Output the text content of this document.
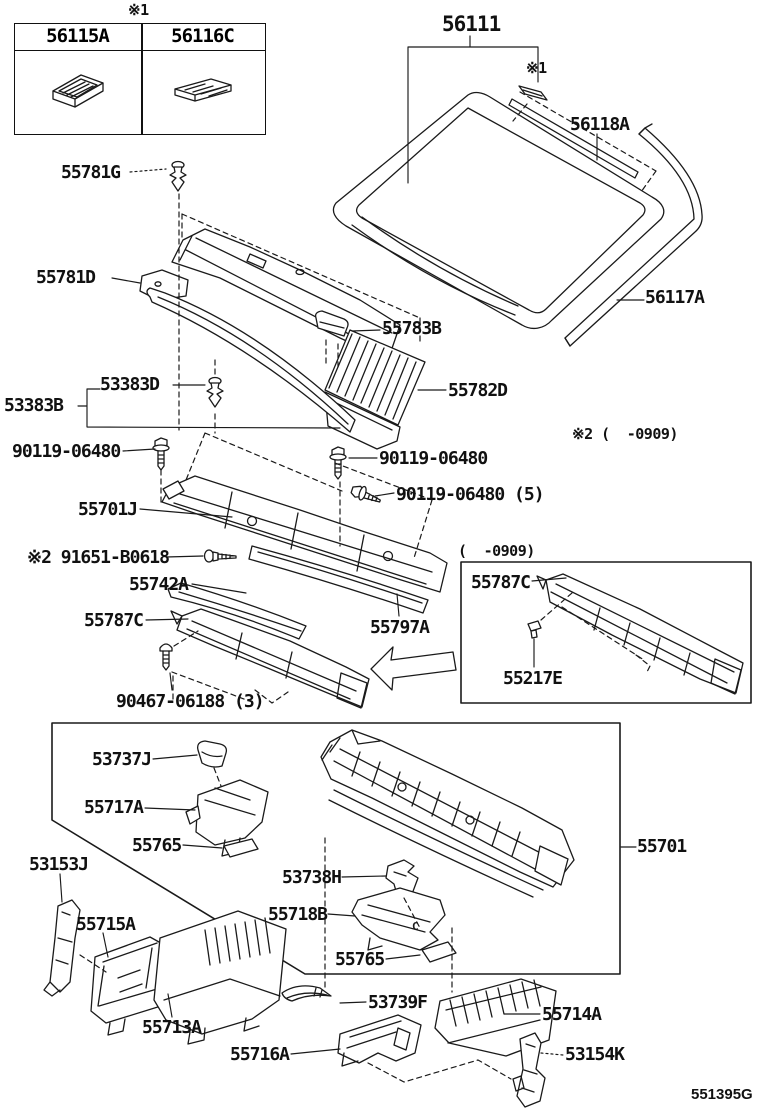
C
56115A	56116C
※1
56111
※1
56118A
56117A
55781G
55781D
55783B
55782D
53383D
53383B
90119-06480	90119-06480
90119-06480 (5)
※2 91651-B0618
55701J
55742A
55787C	55797A
90467-06188 (3)
※2 (  -0909)
(  -0909)
55787C
55217E
53737J
55717A
55765
53738H
55718B
55765
55701
53153J
55715A
55713A
53739F
55716A
55714A
53154K
551395G
